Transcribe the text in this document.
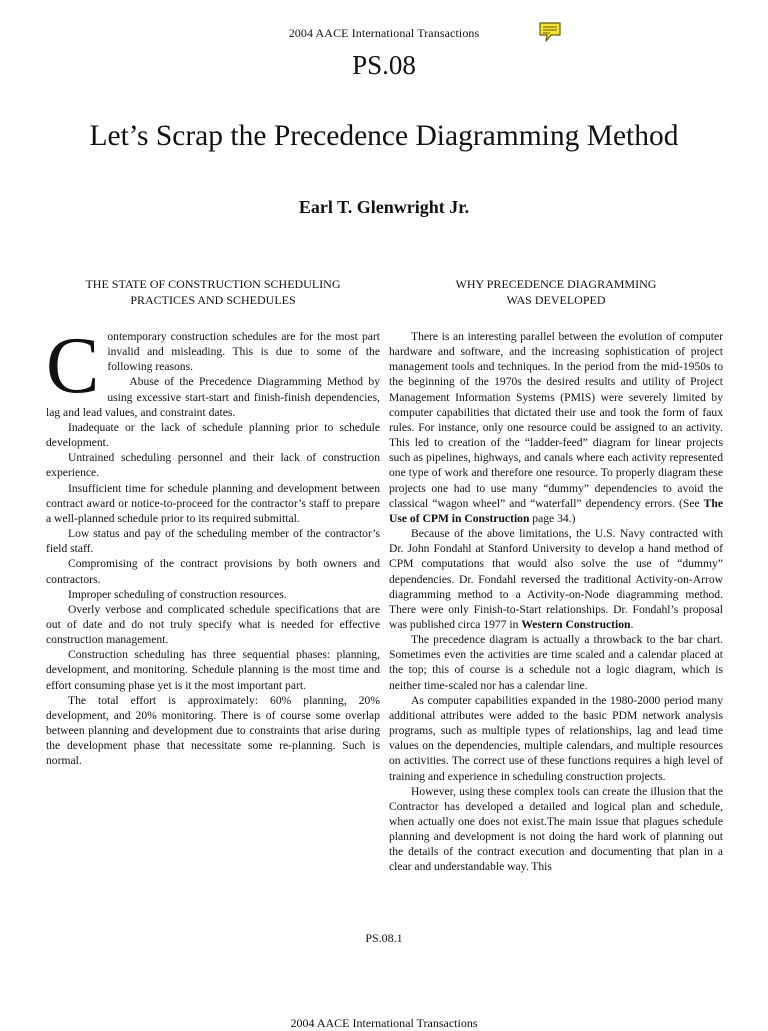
2004 AACE International Transactions
PS.08
Let’s Scrap the Precedence Diagramming Method
Earl T. Glenwright Jr.
THE STATE OF CONSTRUCTION SCHEDULING
PRACTICES AND SCHEDULES

Contemporary construction schedules are for the most part invalid and misleading. This is due to some of the following reasons.

Abuse of the Precedence Diagramming Method by using excessive start-start and finish-finish dependencies, lag and lead values, and constraint dates.

Inadequate or the lack of schedule planning prior to schedule development.

Untrained scheduling personnel and their lack of construction experience.

Insufficient time for schedule planning and development between contract award or notice-to-proceed for the contractor’s staff to prepare a well-planned schedule prior to its required submittal.

Low status and pay of the scheduling member of the contractor’s field staff.

Compromising of the contract provisions by both owners and contractors.

Improper scheduling of construction resources.

Overly verbose and complicated schedule specifications that are out of date and do not truly specify what is needed for effective construction management.

Construction scheduling has three sequential phases: planning, development, and monitoring. Schedule planning is the most time and effort consuming phase yet is it the most important part.

The total effort is approximately: 60% planning, 20% development, and 20% monitoring. There is of course some overlap between planning and development due to constraints that arise during the development phase that necessitate some re-planning. Such is normal.

WHY PRECEDENCE DIAGRAMMING
WAS DEVELOPED

There is an interesting parallel between the evolution of computer hardware and software, and the increasing sophistication of project management tools and techniques. In the period from the mid-1950s to the beginning of the 1970s the desired results and utility of Project Management Information Systems (PMIS) were severely limited by computer capabilities that dictated their use and took the form of faux rules. For instance, only one resource could be assigned to an activity. This led to creation of the “ladder-feed” diagram for linear projects such as pipelines, highways, and canals where each activity represented one type of work and therefore one resource. To properly diagram these projects one had to use many “dummy” dependencies to avoid the classical “wagon wheel” and “waterfall” dependency errors. (See The Use of CPM in Construction page 34.)

Because of the above limitations, the U.S. Navy contracted with Dr. John Fondahl at Stanford University to develop a hand method of CPM computations that would also solve the use of “dummy” dependencies. Dr. Fondahl reversed the traditional Activity-on-Arrow diagramming method to a Activity-on-Node diagramming method. There were only Finish-to-Start relationships. Dr. Fondahl’s proposal was published circa 1977 in Western Construction.

The precedence diagram is actually a throwback to the bar chart. Sometimes even the activities are time scaled and a calendar placed at the top; this of course is a schedule not a logic diagram, which is neither time-scaled nor has a calendar line.

As computer capabilities expanded in the 1980-2000 period many additional attributes were added to the basic PDM network analysis programs, such as multiple types of relationships, lag and lead time values on the dependencies, multiple calendars, and multiple resources on activities. The correct use of these functions requires a high level of training and experience in scheduling construction projects.

However, using these complex tools can create the illusion that the Contractor has developed a detailed and logical plan and schedule, when actually one does not exist.The main issue that plagues schedule planning and development is not doing the hard work of planning out the details of the contract execution and documenting that plan in a clear and understandable way. This

PS.08.1
2004 AACE International Transactions
